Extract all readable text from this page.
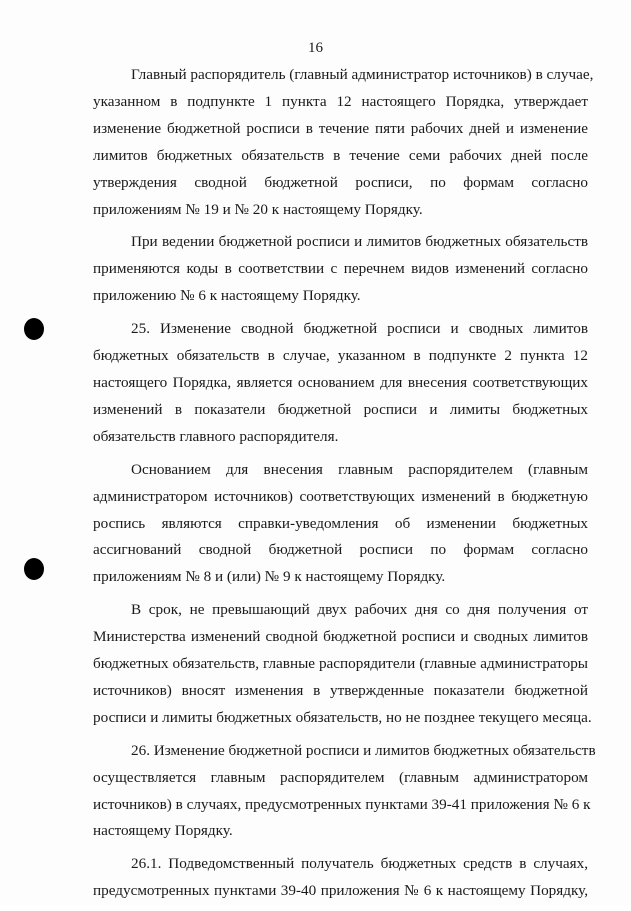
16
Главный распорядитель (главный администратор источников) в случае,
указанном в подпункте 1 пункта 12 настоящего Порядка, утверждает
изменение бюджетной росписи в течение пяти рабочих дней и изменение
лимитов бюджетных обязательств в течение семи рабочих дней после
утверждения сводной бюджетной росписи, по формам согласно
приложениям № 19 и № 20 к настоящему Порядку.
При ведении бюджетной росписи и лимитов бюджетных обязательств
применяются коды в соответствии с перечнем видов изменений согласно
приложению № 6 к настоящему Порядку.
25. Изменение сводной бюджетной росписи и сводных лимитов
бюджетных обязательств в случае, указанном в подпункте 2 пункта 12
настоящего Порядка, является основанием для внесения соответствующих
изменений в показатели бюджетной росписи и лимиты бюджетных
обязательств главного распорядителя.
Основанием для внесения главным распорядителем (главным
администратором источников) соответствующих изменений в бюджетную
роспись являются справки-уведомления об изменении бюджетных
ассигнований сводной бюджетной росписи по формам согласно
приложениям № 8 и (или) № 9 к настоящему Порядку.
В срок, не превышающий двух рабочих дня со дня получения от
Министерства изменений сводной бюджетной росписи и сводных лимитов
бюджетных обязательств, главные распорядители (главные администраторы
источников) вносят изменения в утвержденные показатели бюджетной
росписи и лимиты бюджетных обязательств, но не позднее текущего месяца.
26. Изменение бюджетной росписи и лимитов бюджетных обязательств
осуществляется главным распорядителем (главным администратором
источников) в случаях, предусмотренных пунктами 39-41 приложения № 6 к
настоящему Порядку.
26.1. Подведомственный получатель бюджетных средств в случаях,
предусмотренных пунктами 39-40 приложения № 6 к настоящему Порядку,
